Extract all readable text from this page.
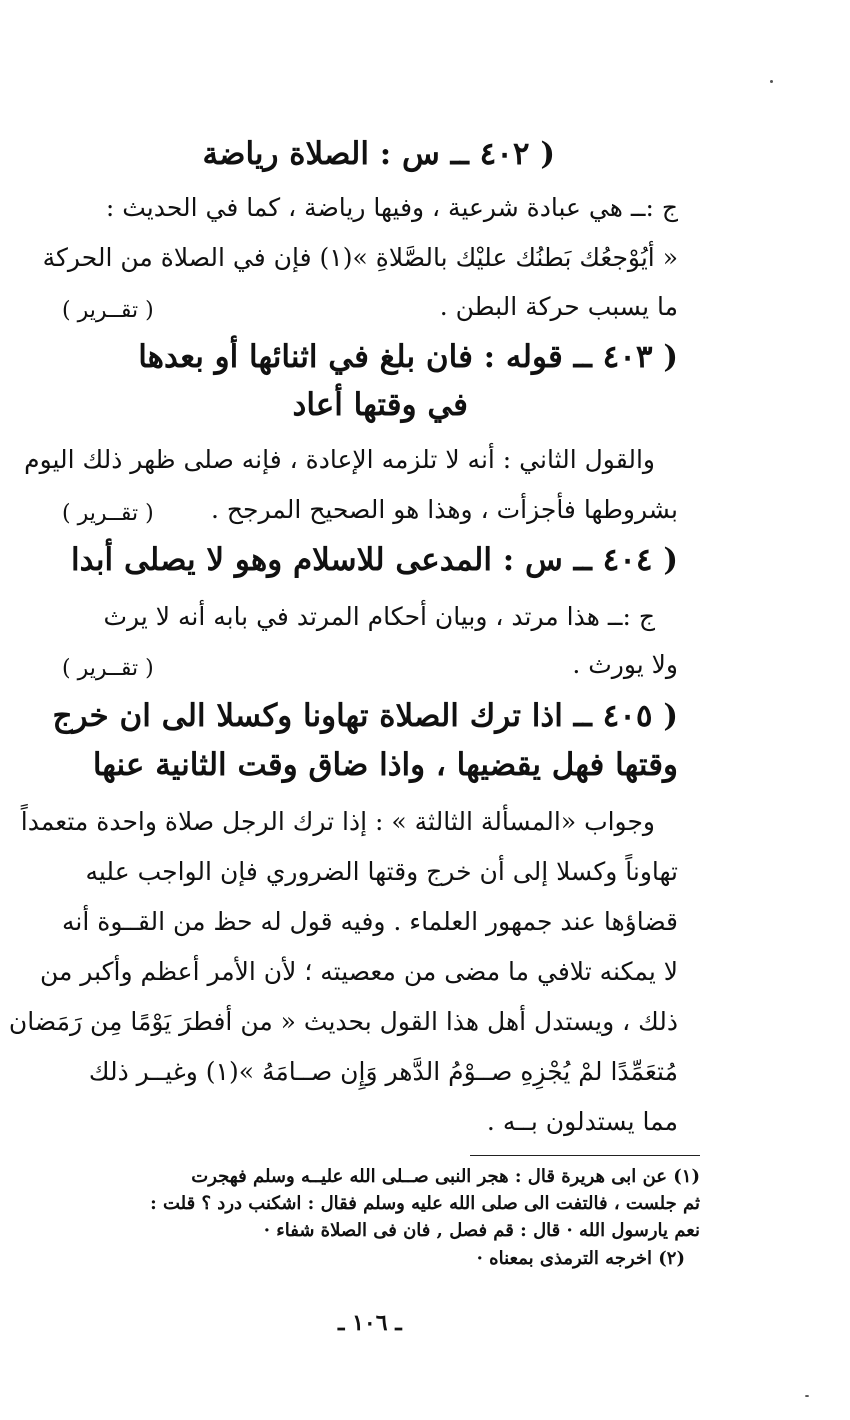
( ٤٠٢ ــ س : الصلاة رياضة
ج :ــ هي عبادة شرعية ، وفيها رياضة ، كما في الحديث :
« أيُوْجعُك بَطنُك عليْك بالصَّلاةِ »(١) فإن في الصلاة من الحركة
ما يسبب حركة البطن .
( تقــرير )
( ٤٠٣ ــ قوله : فان بلغ في اثنائها أو بعدها
في وقتها أعاد
والقول الثاني : أنه لا تلزمه الإعادة ، فإنه صلى ظهر ذلك اليوم
بشروطها فأجزأت ، وهذا هو الصحيح المرجح .
( تقــرير )
( ٤٠٤ ــ س : المدعى للاسلام وهو لا يصلى أبدا
ج :ــ هذا مرتد ، وبيان أحكام المرتد في بابه أنه لا يرث
ولا يورث .
( تقــرير )
( ٤٠٥ ــ اذا ترك الصلاة تهاونا وكسلا الى ان خرج
وقتها فهل يقضيها ، واذا ضاق وقت الثانية عنها
وجواب «المسألة الثالثة » : إذا ترك الرجل صلاة واحدة متعمداً
تهاوناً وكسلا إلى أن خرج وقتها الضروري فإن الواجب عليه
قضاؤها عند جمهور العلماء . وفيه قول له حظ من القــوة أنه
لا يمكنه تلافي ما مضى من معصيته ؛ لأن الأمر أعظم وأكبر من
ذلك ، ويستدل أهل هذا القول بحديث « من أفطرَ يَوْمًا مِن رَمَضان
مُتعَمِّدًا لمْ يُجْزِهِ صــوْمُ الدَّهر وَإِن صــامَهُ »(١) وغيــر ذلك
مما يستدلون بــه .
(١) عن ابى هريرة قال : هجر النبى صــلى الله عليــه وسلم فهجرت
ثم جلست ، فالتفت الى صلى الله عليه وسلم فقال : اشكنب درد ؟ قلت :
نعم يارسول الله · قال : قم فصل , فان فى الصلاة شفاء ·
(٢) اخرجه الترمذى بمعناه ·
ـ ١٠٦ ـ
